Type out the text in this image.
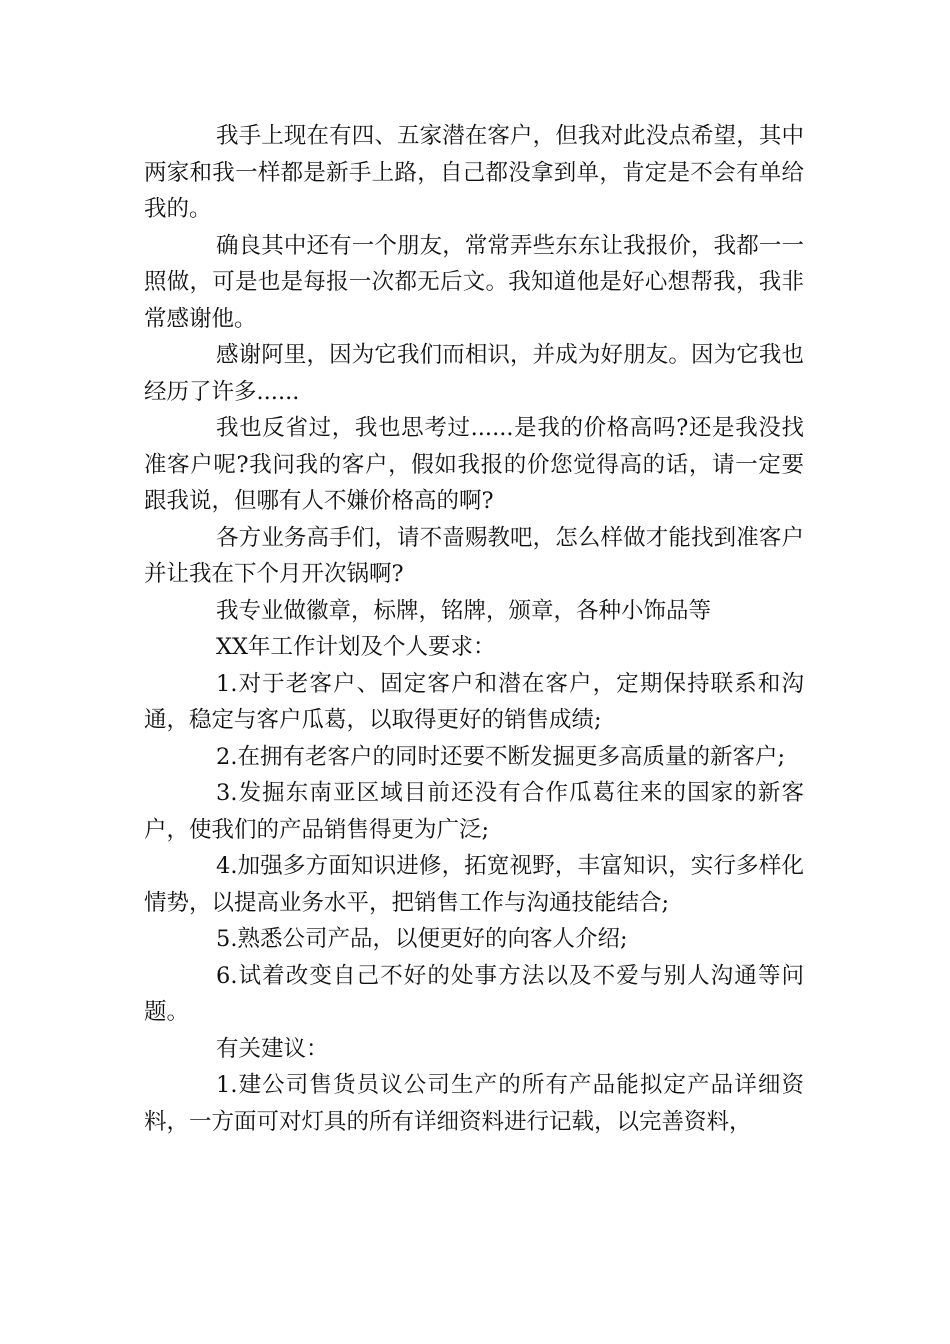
我手上现在有四、五家潜在客户，但我对此没点希望，其中两家和我一样都是新手上路，自己都没拿到单，肯定是不会有单给我的。

确良其中还有一个朋友，常常弄些东东让我报价，我都一一照做，可是也是每报一次都无后文。我知道他是好心想帮我，我非常感谢他。

感谢阿里，因为它我们而相识，并成为好朋友。因为它我也经历了许多......

我也反省过，我也思考过......是我的价格高吗?还是我没找准客户呢?我问我的客户，假如我报的价您觉得高的话，请一定要跟我说，但哪有人不嫌价格高的啊?

各方业务高手们，请不啬赐教吧，怎么样做才能找到准客户并让我在下个月开次锅啊?

我专业做徽章，标牌，铭牌，颁章，各种小饰品等

XX年工作计划及个人要求：

1.对于老客户、固定客户和潜在客户，定期保持联系和沟通，稳定与客户瓜葛，以取得更好的销售成绩;

2.在拥有老客户的同时还要不断发掘更多高质量的新客户;

3.发掘东南亚区域目前还没有合作瓜葛往来的国家的新客户，使我们的产品销售得更为广泛;

4.加强多方面知识进修，拓宽视野，丰富知识，实行多样化情势，以提高业务水平，把销售工作与沟通技能结合;

5.熟悉公司产品，以便更好的向客人介绍;

6.试着改变自己不好的处事方法以及不爱与别人沟通等问题。

有关建议：

1.建公司售货员议公司生产的所有产品能拟定产品详细资料，一方面可对灯具的所有详细资料进行记载，以完善资料，
